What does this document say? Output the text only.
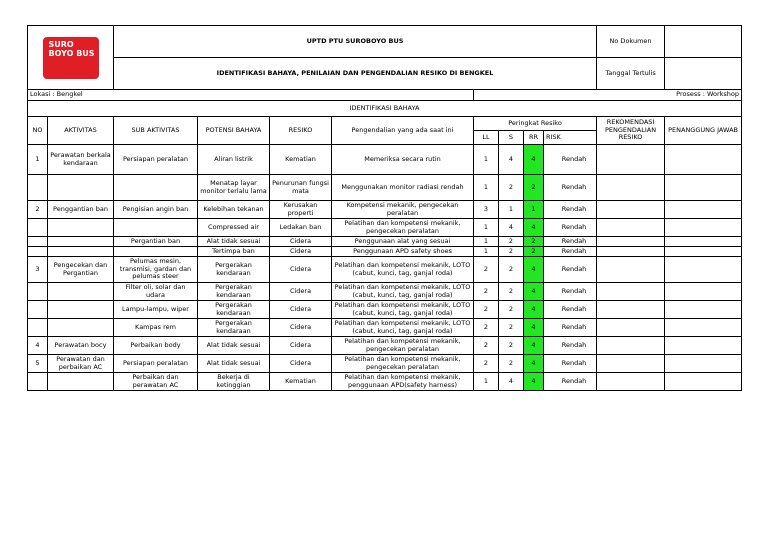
SURO BOYO BUS		UPTD PTU SUROBOYO BUS								No Dokumen	
		IDENTIFIKASI BAHAYA, PENILAIAN DAN PENGENDALIAN RESIKO DI BENGKEL								Tanggal Tertulis	
Lokasi : Bengkel						Prosess : Workshop					
IDENTIFIKASI BAHAYA											
NO	AKTIVITAS	SUB AKTIVITAS	POTENSI BAHAYA	RESIKO	Pengendalian yang ada saat ini	Peringkat Resiko				REKOMENDASI PENGENDALIAN RESIKO	PENANGGUNG JAWAB
						LL	S	RR	RISK		
1	Perawatan berkala kendaraan	Persiapan peralatan	Aliran listrik	Kematian	Memeriksa secara rutin	1	4	4	Rendah		
			Menatap layar monitor terlalu lama	Penurunan fungsi mata	Menggunakan monitor radiasi rendah	1	2	2	Rendah		
2	Penggantian ban	Pengisian angin ban	Kelebihan tekanan	Kerusakan properti	Kompetensi mekanik, pengecekan peralatan	3	1	1	Rendah		
			Compressed air	Ledakan ban	Pelatihan dan kompetensi mekanik, pengecekan peralatan	1	4	4	Rendah		
		Pergantian ban	Alat tidak sesuai	Cidera	Penggunaan alat yang sesuai	1	2	2	Rendah		
			Tertimpa ban	Cidera	Penggunaan APD safety shoes	1	2	2	Rendah		
3	Pengecekan dan Pergantian	Pelumas mesin, transmisi, gardan dan pelumas steer	Pergerakan kendaraan	Cidera	Pelatihan dan kompetensi mekanik, LOTO (cabut, kunci, tag, ganjal roda)	2	2	4	Rendah		
		Filter oli, solar dan udara	Pergerakan kendaraan	Cidera	Pelatihan dan kompetensi mekanik, LOTO (cabut, kunci, tag, ganjal roda)	2	2	4	Rendah		
		Lampu-lampu, wiper	Pergerakan kendaraan	Cidera	Pelatihan dan kompetensi mekanik, LOTO (cabut, kunci, tag, ganjal roda)	2	2	4	Rendah		
		Kampas rem	Pergerakan kendaraan	Cidera	Pelatihan dan kompetensi mekanik, LOTO (cabut, kunci, tag, ganjal roda)	2	2	4	Rendah		
4	Perawatan bocy	Perbaikan body	Alat tidak sesuai	Cidera	Pelatihan dan kompetensi mekanik, pengecekan peralatan	2	2	4	Rendah		
5	Perawatan dan perbaikan AC	Persiapan peralatan	Alat tidak sesuai	Cidera	Pelatihan dan kompetensi mekanik, pengecekan peralatan	2	2	4	Rendah		
		Perbaikan dan perawatan AC	Bekerja di ketinggian	Kematian	Pelatihan dan kompetensi mekanik, penggunaan APD(safety harness)	1	4	4	Rendah		
